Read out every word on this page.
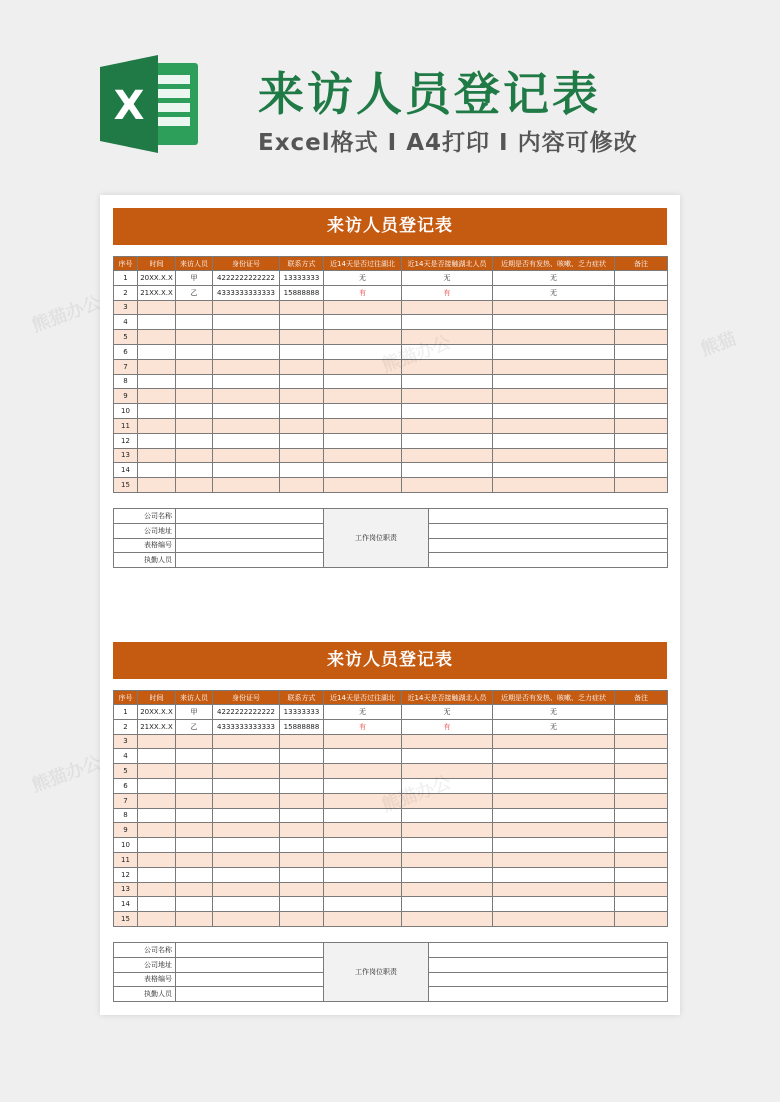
X 来访人员登记表
Excel格式 I A4打印 I 内容可修改
来访人员登记表
序号	时间	来访人员	身份证号	联系方式	近14天是否过往湖北	近14天是否接触湖北人员	近期是否有发热、咳嗽、乏力症状	备注
1	20XX.X.X	甲	4222222222222	13333333	无	无	无	
2	21XX.X.X	乙	4333333333333	15888888	有	有	无	
3								
4								
5								
6								
7								
8								
9								
10								
11								
12								
13								
14								
15								
公司名称		工作岗位职责	
公司地址			
表格编号			
执勤人员			
来访人员登记表
序号	时间	来访人员	身份证号	联系方式	近14天是否过往湖北	近14天是否接触湖北人员	近期是否有发热、咳嗽、乏力症状	备注
1	20XX.X.X	甲	4222222222222	13333333	无	无	无	
2	21XX.X.X	乙	4333333333333	15888888	有	有	无	
3								
4								
5								
6								
7								
8								
9								
10								
11								
12								
13								
14								
15								
公司名称		工作岗位职责	
公司地址			
表格编号			
执勤人员			
熊猫办公
熊猫
熊猫办公
